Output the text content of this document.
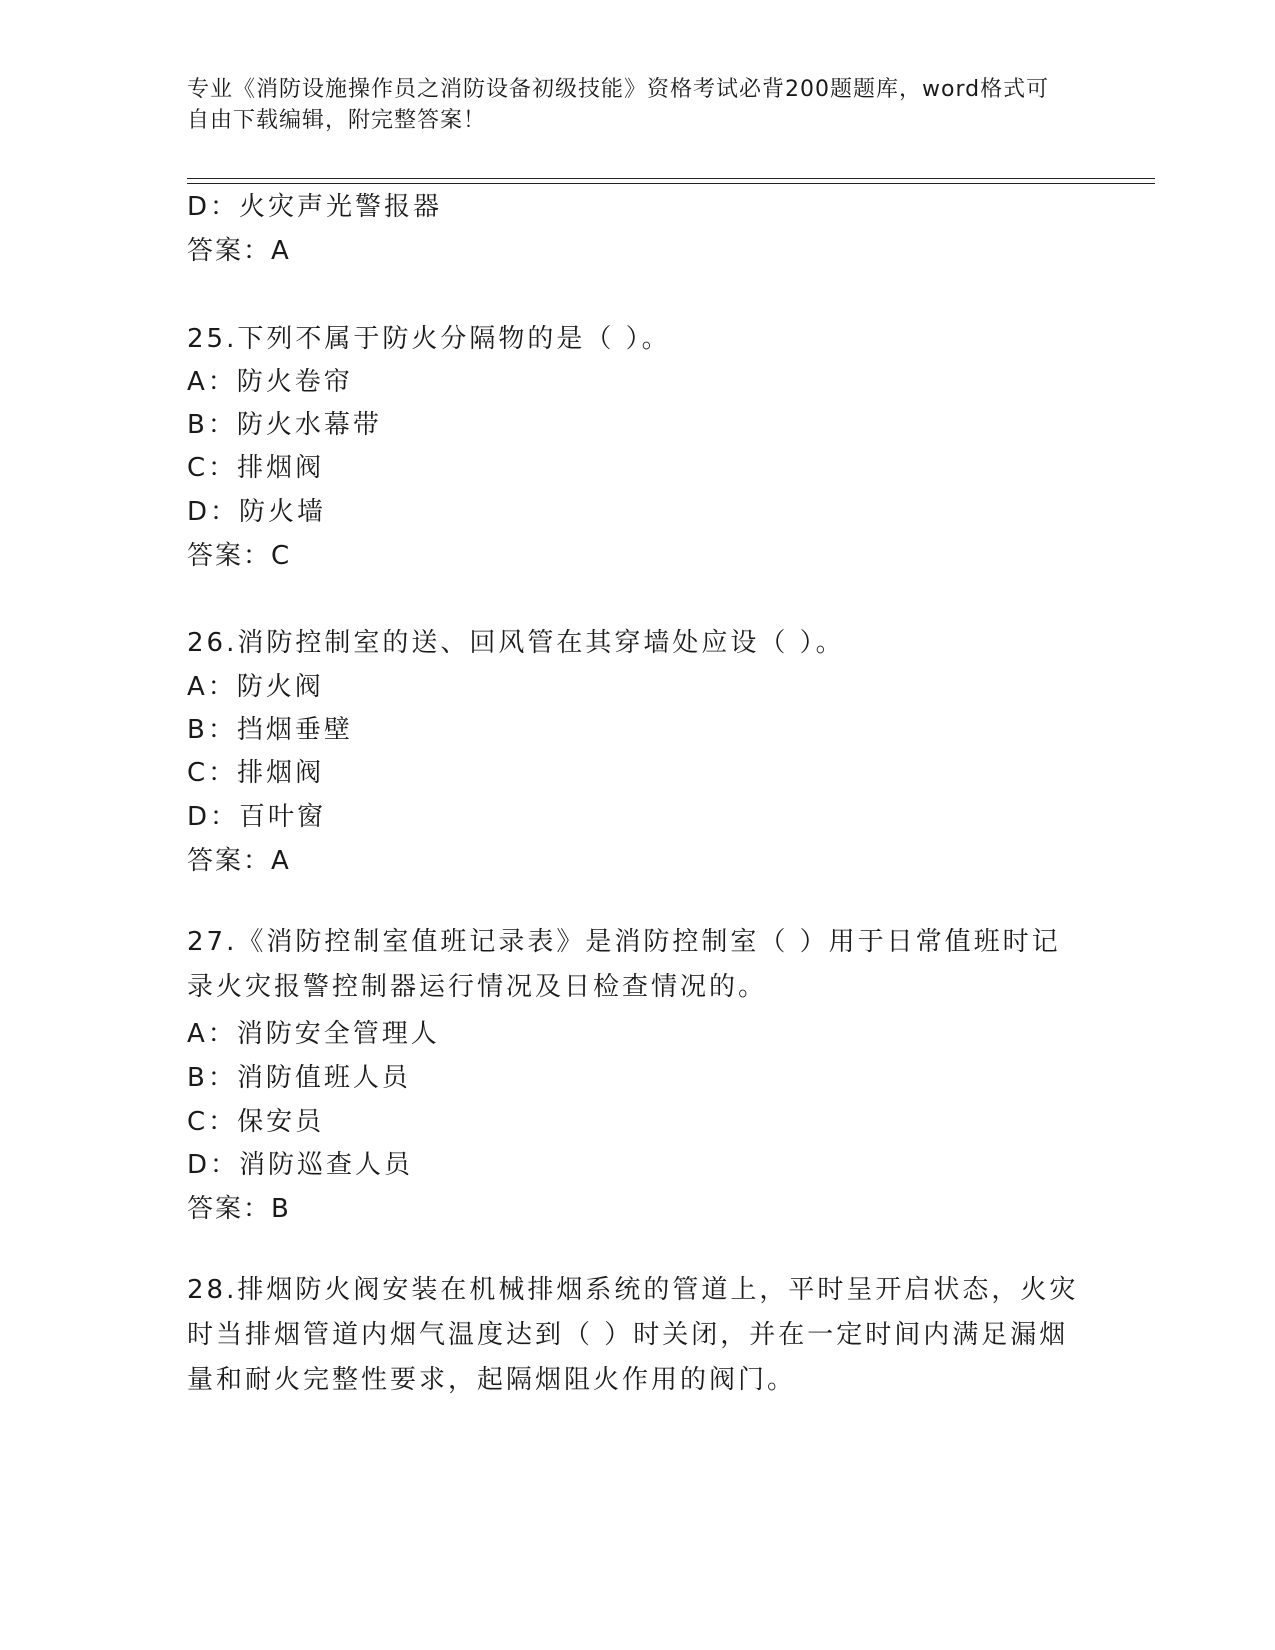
专业《消防设施操作员之消防设备初级技能》资格考试必背200题题库，word格式可自由下载编辑，附完整答案！
D：火灾声光警报器
答案：A
25.下列不属于防火分隔物的是（ ）。
A：防火卷帘
B：防火水幕带
C：排烟阀
D：防火墙
答案：C
26.消防控制室的送、回风管在其穿墙处应设（ ）。
A：防火阀
B：挡烟垂壁
C：排烟阀
D：百叶窗
答案：A
27.《消防控制室值班记录表》是消防控制室（ ）用于日常值班时记录火灾报警控制器运行情况及日检查情况的。
A：消防安全管理人
B：消防值班人员
C：保安员
D：消防巡查人员
答案：B
28.排烟防火阀安装在机械排烟系统的管道上，平时呈开启状态，火灾时当排烟管道内烟气温度达到（ ）时关闭，并在一定时间内满足漏烟量和耐火完整性要求，起隔烟阻火作用的阀门。
